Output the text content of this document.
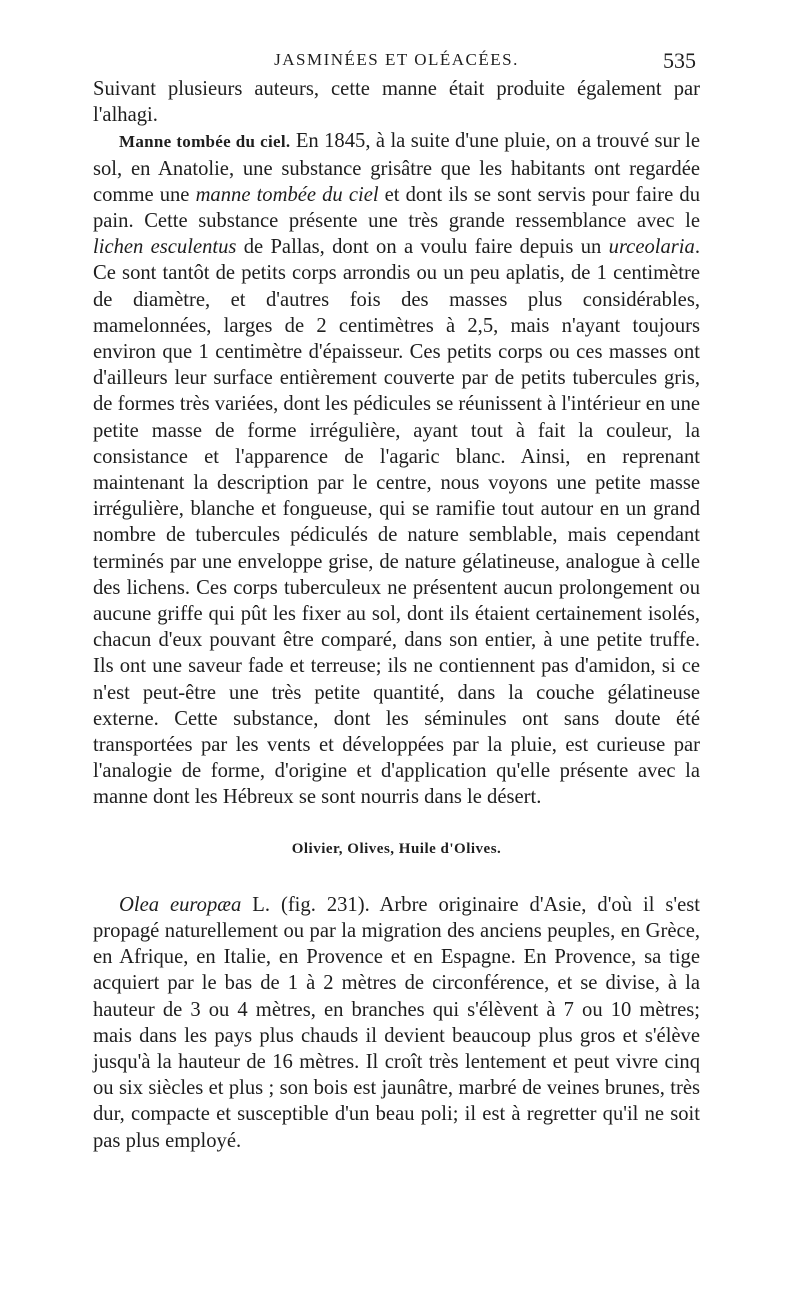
JASMINÉES ET OLÉACÉES.	535

Suivant plusieurs auteurs, cette manne était produite également par l'alhagi.

Manne tombée du ciel. En 1845, à la suite d'une pluie, on a trouvé sur le sol, en Anatolie, une substance grisâtre que les habitants ont regardée comme une manne tombée du ciel et dont ils se sont servis pour faire du pain. Cette substance présente une très grande ressemblance avec le lichen esculentus de Pallas, dont on a voulu faire depuis un urceolaria. Ce sont tantôt de petits corps arrondis ou un peu aplatis, de 1 centimètre de diamètre, et d'autres fois des masses plus considérables, mamelonnées, larges de 2 centimètres à 2,5, mais n'ayant toujours environ que 1 centimètre d'épaisseur. Ces petits corps ou ces masses ont d'ailleurs leur surface entièrement couverte par de petits tubercules gris, de formes très variées, dont les pédicules se réunissent à l'intérieur en une petite masse de forme irrégulière, ayant tout à fait la couleur, la consistance et l'apparence de l'agaric blanc. Ainsi, en reprenant maintenant la description par le centre, nous voyons une petite masse irrégulière, blanche et fongueuse, qui se ramifie tout autour en un grand nombre de tubercules pédiculés de nature semblable, mais cependant terminés par une enveloppe grise, de nature gélatineuse, analogue à celle des lichens. Ces corps tuberculeux ne présentent aucun prolongement ou aucune griffe qui pût les fixer au sol, dont ils étaient certainement isolés, chacun d'eux pouvant être comparé, dans son entier, à une petite truffe. Ils ont une saveur fade et terreuse; ils ne contiennent pas d'amidon, si ce n'est peut-être une très petite quantité, dans la couche gélatineuse externe. Cette substance, dont les séminules ont sans doute été transportées par les vents et développées par la pluie, est curieuse par l'analogie de forme, d'origine et d'application qu'elle présente avec la manne dont les Hébreux se sont nourris dans le désert.

Olivier, Olives, Huile d'Olives.

Olea europæa L. (fig. 231). Arbre originaire d'Asie, d'où il s'est propagé naturellement ou par la migration des anciens peuples, en Grèce, en Afrique, en Italie, en Provence et en Espagne. En Provence, sa tige acquiert par le bas de 1 à 2 mètres de circonférence, et se divise, à la hauteur de 3 ou 4 mètres, en branches qui s'élèvent à 7 ou 10 mètres; mais dans les pays plus chauds il devient beaucoup plus gros et s'élève jusqu'à la hauteur de 16 mètres. Il croît très lentement et peut vivre cinq ou six siècles et plus ; son bois est jaunâtre, marbré de veines brunes, très dur, compacte et susceptible d'un beau poli; il est à regretter qu'il ne soit pas plus employé.
